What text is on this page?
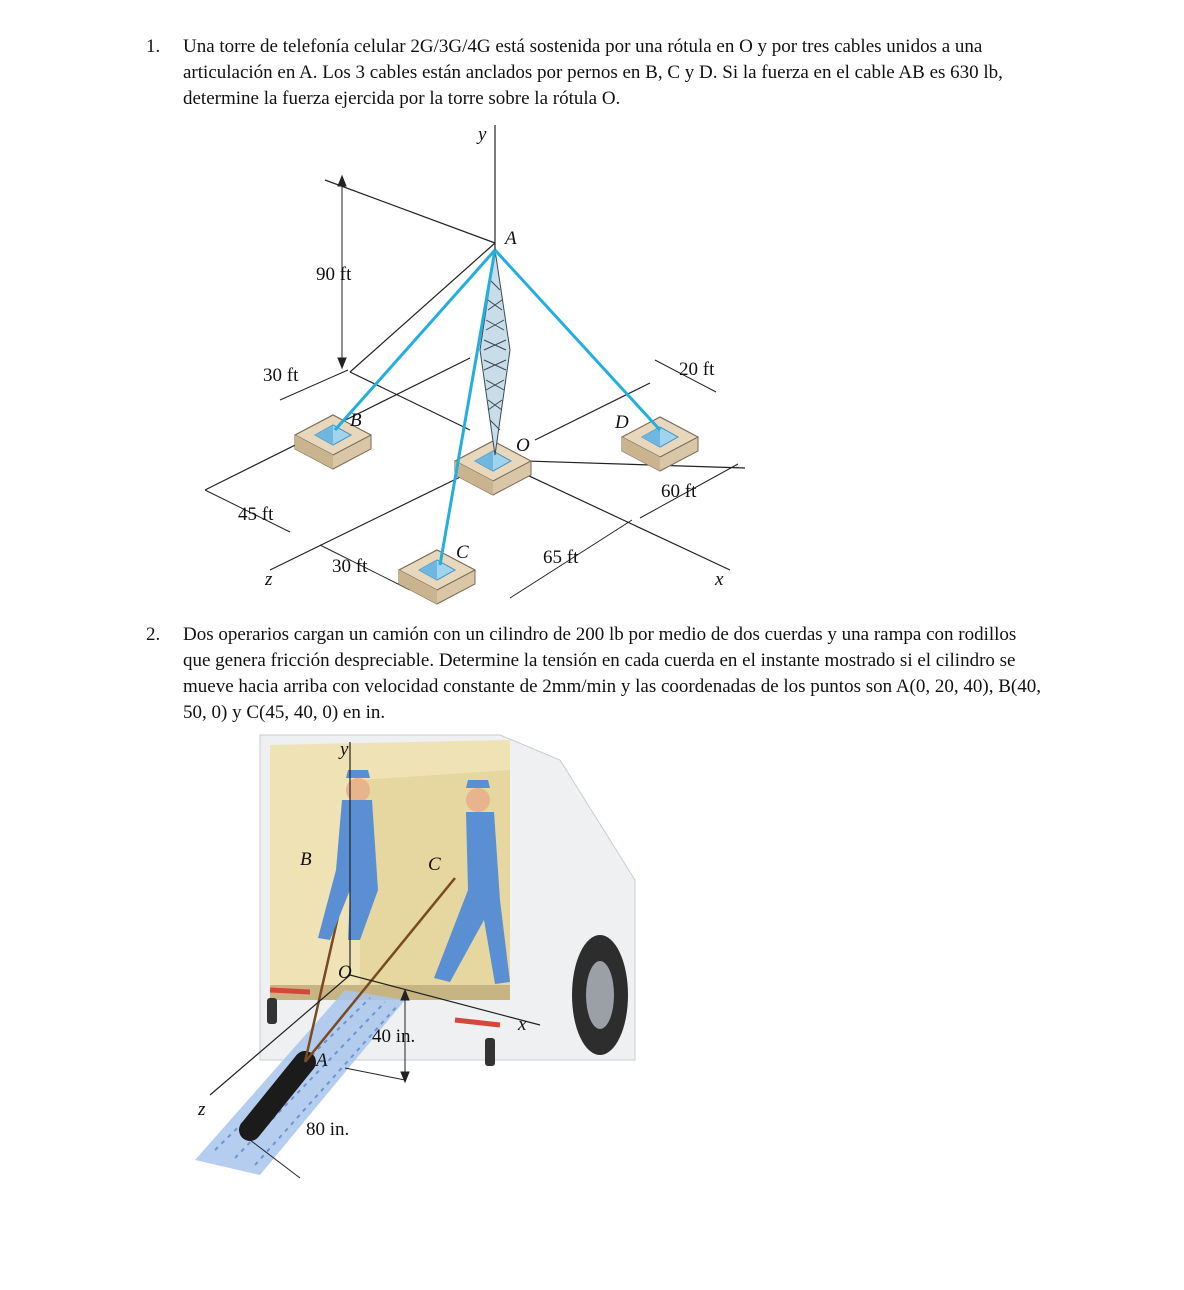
1. Una torre de telefonía celular 2G/3G/4G está sostenida por una rótula en O y por tres cables unidos a una

articulación en A. Los 3 cables están anclados por pernos en B, C y D. Si la fuerza en el cable AB es 630 lb,

determine la fuerza ejercida por la torre sobre la rótula O.

y
x
z
A
B
C
D
O
90 ft
30 ft	20 ft
60 ft
45 ft
30 ft	65 ft
2. Dos operarios cargan un camión con un cilindro de 200 lb por medio de dos cuerdas y una rampa con rodillos

que genera fricción despreciable. Determine la tensión en cada cuerda en el instante mostrado si el cilindro se

mueve hacia arriba con velocidad constante de 2mm/min y las coordenadas de los puntos son A(0, 20, 40), B(40,

50, 0) y C(45, 40, 0) en in.

y
x
z
B	C
O
A
40 in.
80 in.
